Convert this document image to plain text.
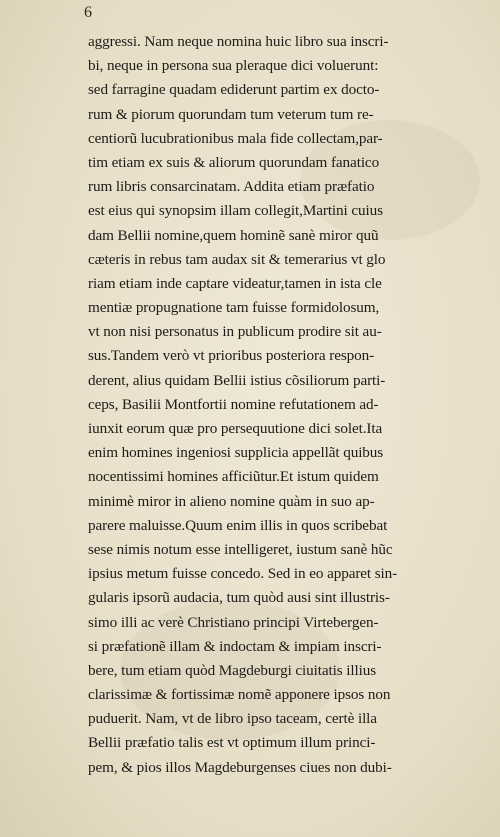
6
aggressi. Nam neque nomina huic libro sua inscri-
bi, neque in persona sua pleraque dici voluerunt:
sed farragine quadam ediderunt partim ex docto-
rum & piorum quorundam tum veterum tum re-
centiorũ lucubrationibus mala fide collectam,par-
tim etiam ex suis & aliorum quorundam fanatico
rum libris consarcinatam. Addita etiam præfatio
est eius qui synopsim illam collegit,Martini cuius
dam Bellii nomine,quem hominẽ sanè miror quũ
cæteris in rebus tam audax sit & temerarius vt glo
riam etiam inde captare videatur,tamen in ista cle
mentiæ propugnatione tam fuisse formidolosum,
vt non nisi personatus in publicum prodire sit au-
sus.Tandem verò vt prioribus posteriora respon-
derent, alius quidam Bellii istius cõsiliorum parti-
ceps, Basilii Montfortii nomine refutationem ad-
iunxit eorum quæ pro persequutione dici solet.Ita
enim homines ingeniosi supplicia appellãt quibus
nocentissimi homines afficiũtur.Et istum quidem
minimè miror in alieno nomine quàm in suo ap-
parere maluisse.Quum enim illis in quos scribebat
sese nimis notum esse intelligeret, iustum sanè hũc
ipsius metum fuisse concedo. Sed in eo apparet sin-
gularis ipsorũ audacia, tum quòd ausi sint illustris-
simo illi ac verè Christiano principi Virtebergen-
si præfationẽ illam & indoctam & impiam inscri-
bere, tum etiam quòd Magdeburgi ciuitatis illius
clarissimæ & fortissimæ nomẽ apponere ipsos non
puduerit. Nam, vt de libro ipso taceam, certè illa
Bellii præfatio talis est vt optimum illum princi-
pem, & pios illos Magdeburgenses ciues non dubi-
